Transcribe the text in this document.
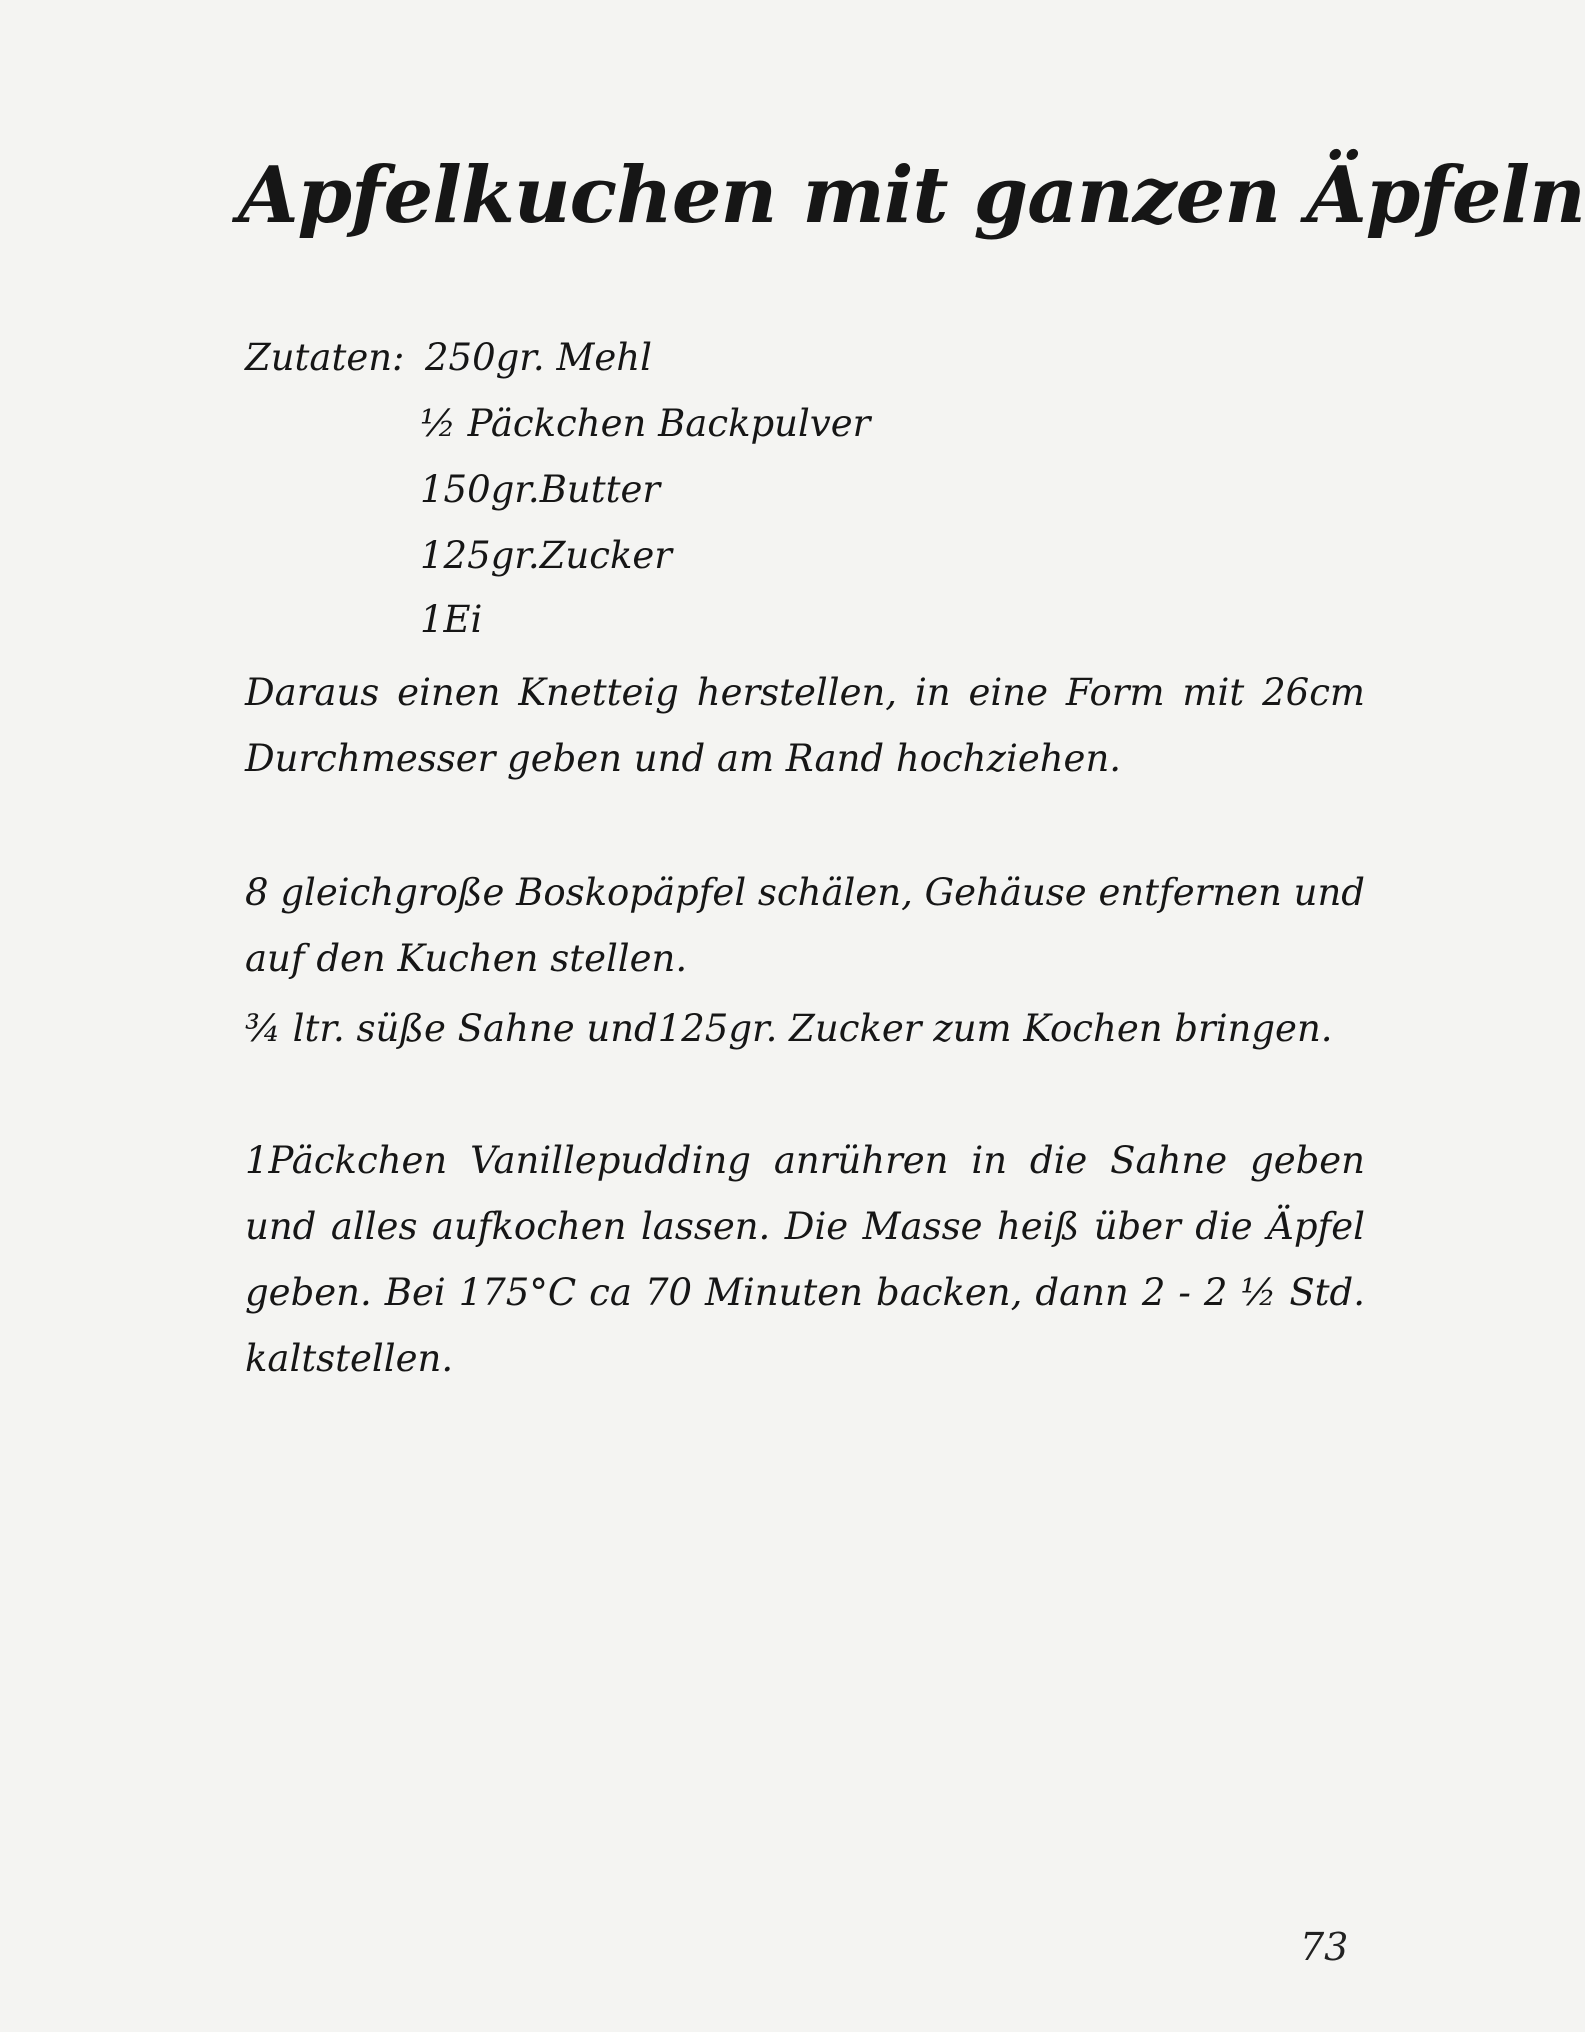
Apfelkuchen mit ganzen Äpfeln
Zutaten: 250gr. Mehl
½ Päckchen Backpulver
150gr.Butter
125gr.Zucker
1Ei

Daraus einen Knetteig herstellen, in eine Form mit 26cm Durchmesser geben und am Rand hochziehen.

8 gleichgroße Boskopäpfel schälen, Gehäuse entfernen und auf den Kuchen stellen.

¾ ltr. süße Sahne und125gr. Zucker zum Kochen bringen.

1Päckchen Vanillepudding anrühren in die Sahne geben und alles aufkochen lassen. Die Masse heiß über die Äpfel geben. Bei 175°C ca 70 Minuten backen, dann 2 - 2 ½ Std. kaltstellen.

73
